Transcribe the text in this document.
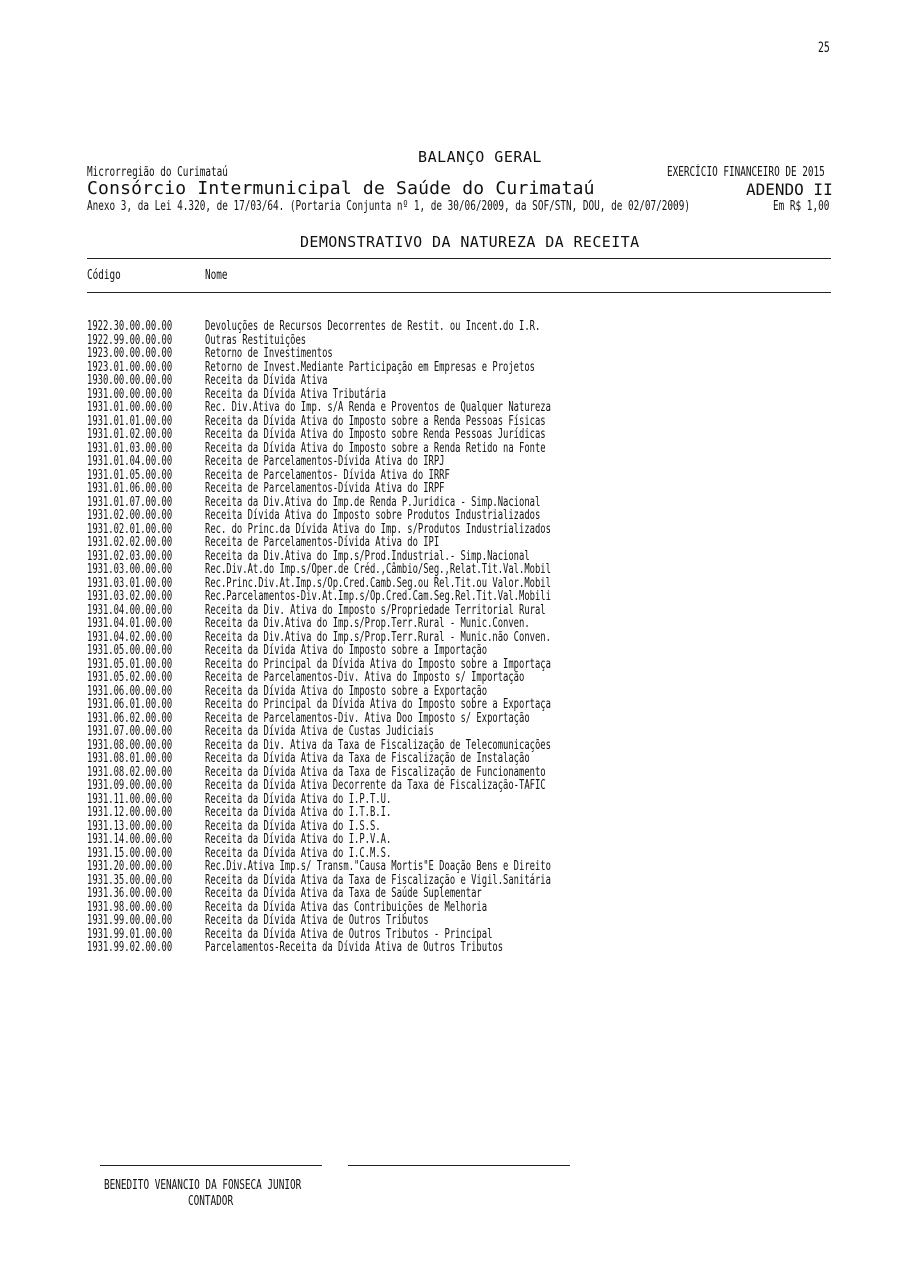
25
BALANÇO GERAL
Microrregião do Curimataú	EXERCÍCIO FINANCEIRO DE 2015
Consórcio Intermunicipal de Saúde do Curimataú	ADENDO II
Anexo 3, da Lei 4.320, de 17/03/64. (Portaria Conjunta nº 1, de 30/06/2009, da SOF/STN, DOU, de 02/07/2009)	Em R$ 1,00
DEMONSTRATIVO DA NATUREZA DA RECEITA
Código	Nome
1922.30.00.00.00	Devoluções de Recursos Decorrentes de Restit. ou Incent.do I.R.
1922.99.00.00.00	Outras Restituições
1923.00.00.00.00	Retorno de Investimentos
1923.01.00.00.00	Retorno de Invest.Mediante Participação em Empresas e Projetos
1930.00.00.00.00	Receita da Dívida Ativa
1931.00.00.00.00	Receita da Dívida Ativa Tributária
1931.01.00.00.00	Rec. Div.Ativa do Imp. s/A Renda e Proventos de Qualquer Natureza
1931.01.01.00.00	Receita da Dívida Ativa do Imposto sobre a Renda Pessoas Físicas
1931.01.02.00.00	Receita da Dívida Ativa do Imposto sobre Renda Pessoas Jurídicas
1931.01.03.00.00	Receita da Dívida Ativa do Imposto sobre a Renda Retido na Fonte
1931.01.04.00.00	Receita de Parcelamentos-Dívida Ativa do IRPJ
1931.01.05.00.00	Receita de Parcelamentos- Dívida Ativa do IRRF
1931.01.06.00.00	Receita de Parcelamentos-Dívida Ativa do IRPF
1931.01.07.00.00	Receita da Div.Ativa do Imp.de Renda P.Juridica - Simp.Nacional
1931.02.00.00.00	Receita Dívida Ativa do Imposto sobre Produtos Industrializados
1931.02.01.00.00	Rec. do Princ.da Dívida Ativa do Imp. s/Produtos Industrializados
1931.02.02.00.00	Receita de Parcelamentos-Dívida Ativa do IPI
1931.02.03.00.00	Receita da Div.Ativa do Imp.s/Prod.Industrial.- Simp.Nacional
1931.03.00.00.00	Rec.Div.At.do Imp.s/Oper.de Créd.,Câmbio/Seg.,Relat.Tit.Val.Mobil
1931.03.01.00.00	Rec.Princ.Div.At.Imp.s/Op.Cred.Camb.Seg.ou Rel.Tit.ou Valor.Mobil
1931.03.02.00.00	Rec.Parcelamentos-Div.At.Imp.s/Op.Cred.Cam.Seg.Rel.Tit.Val.Mobili
1931.04.00.00.00	Receita da Div. Ativa do Imposto s/Propriedade Territorial Rural
1931.04.01.00.00	Receita da Div.Ativa do Imp.s/Prop.Terr.Rural - Munic.Conven.
1931.04.02.00.00	Receita da Div.Ativa do Imp.s/Prop.Terr.Rural - Munic.não Conven.
1931.05.00.00.00	Receita da Dívida Ativa do Imposto sobre a Importação
1931.05.01.00.00	Receita do Principal da Dívida Ativa do Imposto sobre a Importaça
1931.05.02.00.00	Receita de Parcelamentos-Div. Ativa do Imposto s/ Importação
1931.06.00.00.00	Receita da Dívida Ativa do Imposto sobre a Exportação
1931.06.01.00.00	Receita do Principal da Dívida Ativa do Imposto sobre a Exportaça
1931.06.02.00.00	Receita de Parcelamentos-Div. Ativa Doo Imposto s/ Exportação
1931.07.00.00.00	Receita da Dívida Ativa de Custas Judiciais
1931.08.00.00.00	Receita da Div. Ativa da Taxa de Fiscalização de Telecomunicações
1931.08.01.00.00	Receita da Dívida Ativa da Taxa de Fiscalização de Instalação
1931.08.02.00.00	Receita da Dívida Ativa da Taxa de Fiscalização de Funcionamento
1931.09.00.00.00	Receita da Dívida Ativa Decorrente da Taxa de Fiscalização-TAFIC
1931.11.00.00.00	Receita da Dívida Ativa do I.P.T.U.
1931.12.00.00.00	Receita da Dívida Ativa do I.T.B.I.
1931.13.00.00.00	Receita da Dívida Ativa do I.S.S.
1931.14.00.00.00	Receita da Dívida Ativa do I.P.V.A.
1931.15.00.00.00	Receita da Dívida Ativa do I.C.M.S.
1931.20.00.00.00	Rec.Div.Ativa Imp.s/ Transm."Causa Mortis"E Doação Bens e Direito
1931.35.00.00.00	Receita da Dívida Ativa da Taxa de Fiscalização e Vigil.Sanitária
1931.36.00.00.00	Receita da Dívida Ativa da Taxa de Saúde Suplementar
1931.98.00.00.00	Receita da Dívida Ativa das Contribuições de Melhoria
1931.99.00.00.00	Receita da Dívida Ativa de Outros Tributos
1931.99.01.00.00	Receita da Dívida Ativa de Outros Tributos - Principal
1931.99.02.00.00	Parcelamentos-Receita da Dívida Ativa de Outros Tributos
BENEDITO VENANCIO DA FONSECA JUNIOR
CONTADOR
